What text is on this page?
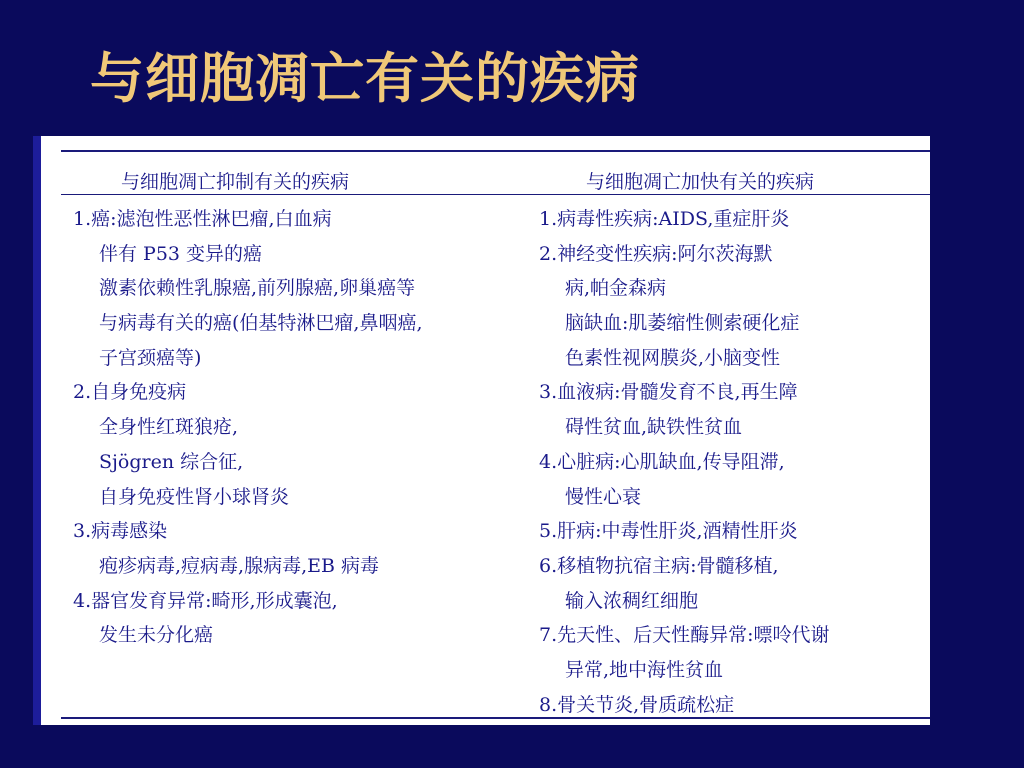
与细胞凋亡有关的疾病
与细胞凋亡抑制有关的疾病	与细胞凋亡加快有关的疾病
1.癌:滤泡性恶性淋巴瘤,白血病
伴有 P53 变异的癌
激素依赖性乳腺癌,前列腺癌,卵巢癌等
与病毒有关的癌(伯基特淋巴瘤,鼻咽癌,
子宫颈癌等)
2.自身免疫病
全身性红斑狼疮,
Sjögren 综合征,
自身免疫性肾小球肾炎
3.病毒感染
疱疹病毒,痘病毒,腺病毒,EB 病毒
4.器官发育异常:畸形,形成囊泡,
发生未分化癌
1.病毒性疾病:AIDS,重症肝炎
2.神经变性疾病:阿尔茨海默
病,帕金森病
脑缺血:肌萎缩性侧索硬化症
色素性视网膜炎,小脑变性
3.血液病:骨髓发育不良,再生障
碍性贫血,缺铁性贫血
4.心脏病:心肌缺血,传导阻滞,
慢性心衰
5.肝病:中毒性肝炎,酒精性肝炎
6.移植物抗宿主病:骨髓移植,
输入浓稠红细胞
7.先天性、后天性酶异常:嘌呤代谢
异常,地中海性贫血
8.骨关节炎,骨质疏松症
